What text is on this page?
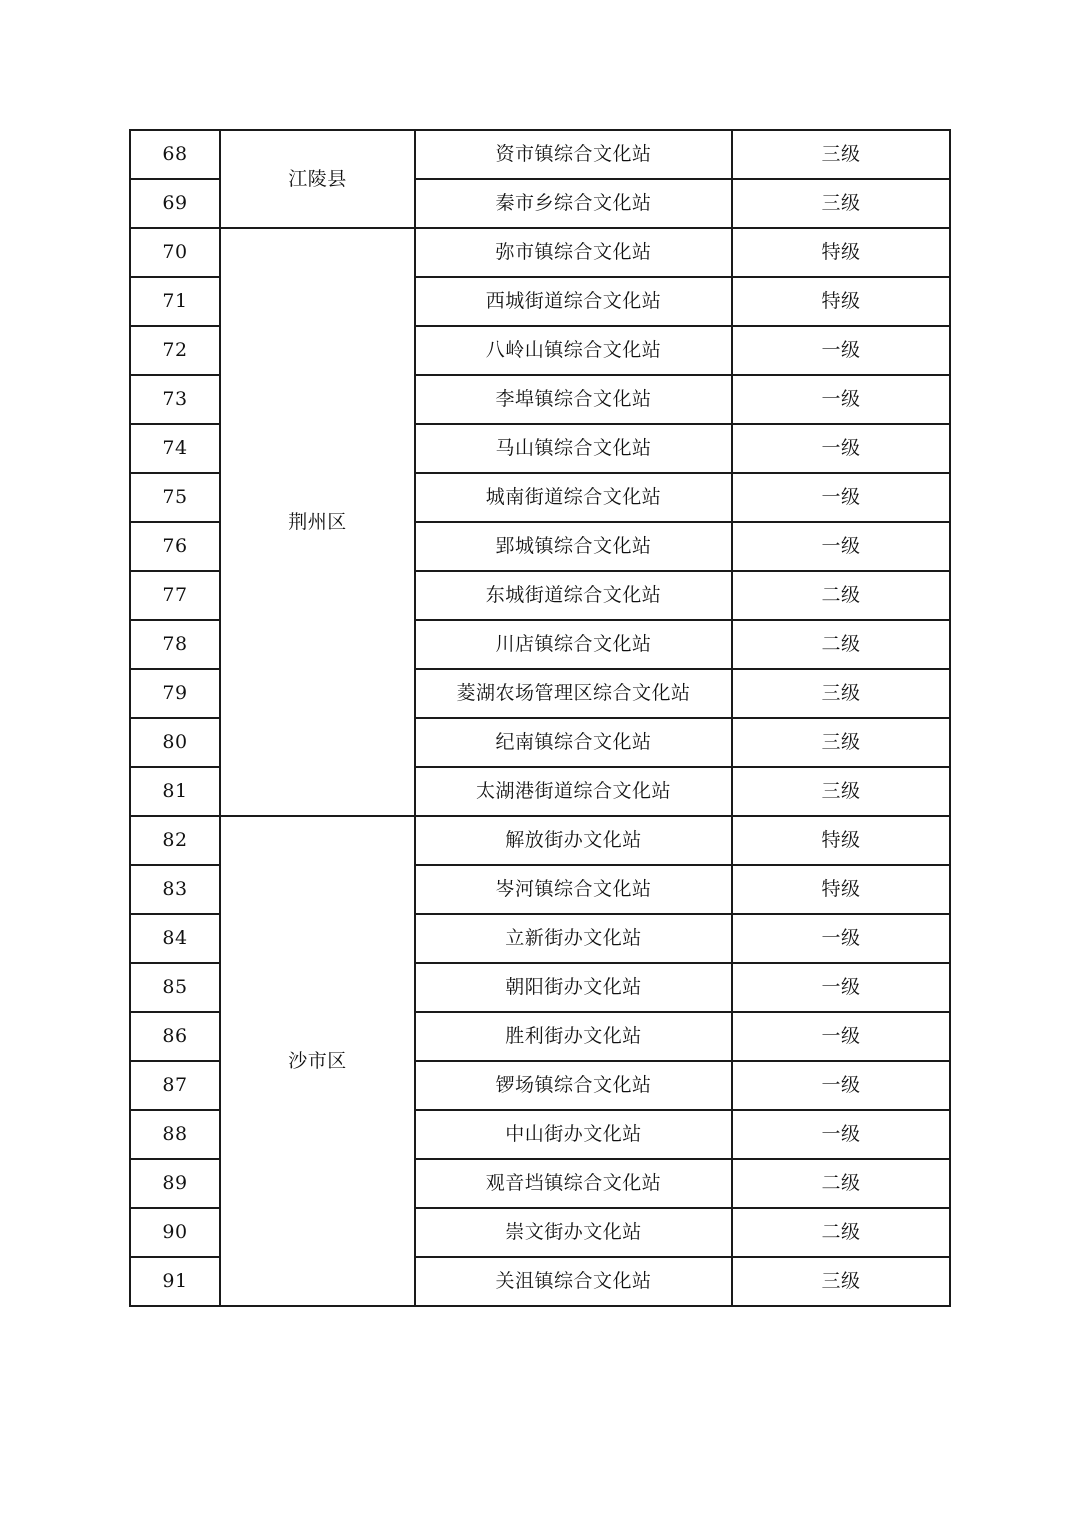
68	江陵县	资市镇综合文化站	三级
69		秦市乡综合文化站	三级
70	荆州区	弥市镇综合文化站	特级
71		西城街道综合文化站	特级
72		八岭山镇综合文化站	一级
73		李埠镇综合文化站	一级
74		马山镇综合文化站	一级
75		城南街道综合文化站	一级
76		郢城镇综合文化站	一级
77		东城街道综合文化站	二级
78		川店镇综合文化站	二级
79		菱湖农场管理区综合文化站	三级
80		纪南镇综合文化站	三级
81		太湖港街道综合文化站	三级
82	沙市区	解放街办文化站	特级
83		岑河镇综合文化站	特级
84		立新街办文化站	一级
85		朝阳街办文化站	一级
86		胜利街办文化站	一级
87		锣场镇综合文化站	一级
88		中山街办文化站	一级
89		观音垱镇综合文化站	二级
90		崇文街办文化站	二级
91		关沮镇综合文化站	三级
